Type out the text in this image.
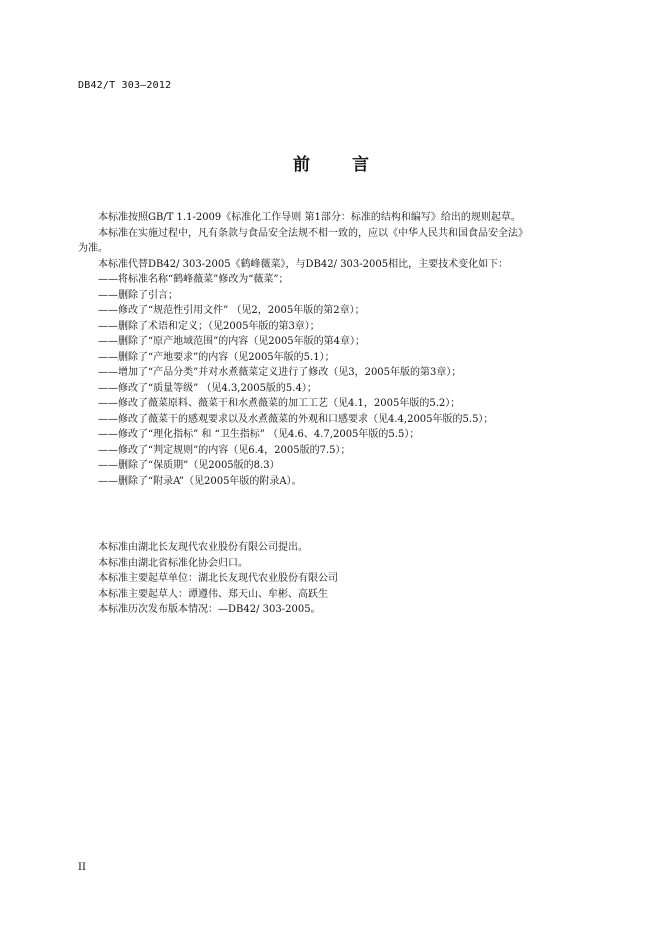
DB42/T 303—2012
前 言
本标准按照GB/T 1.1-2009《标准化工作导则 第1部分：标准的结构和编写》给出的规则起草。
本标准在实施过程中，凡有条款与食品安全法规不相一致的，应以《中华人民共和国食品安全法》
为准。
本标准代替DB42/ 303-2005《鹤峰薇菜》，与DB42/ 303-2005相比，主要技术变化如下：
——将标准名称“鹤峰薇菜”修改为“薇菜”；
——删除了引言；
——修改了“规范性引用文件” （见2，2005年版的第2章）；
——删除了术语和定义；（见2005年版的第3章）；
——删除了“原产地域范围”的内容（见2005年版的第4章）；
——删除了“产地要求”的内容（见2005年版的5.1）；
——增加了“产品分类”并对水煮薇菜定义进行了修改（见3，2005年版的第3章）；
——修改了“质量等级” （见4.3,2005版的5.4）；
——修改了薇菜原料、薇菜干和水煮薇菜的加工工艺（见4.1，2005年版的5.2）；
——修改了薇菜干的感观要求以及水煮薇菜的外观和口感要求（见4.4,2005年版的5.5）；
——修改了“理化指标” 和 “卫生指标” （见4.6、4.7,2005年版的5.5）；
——修改了“判定规则”的内容（见6.4，2005版的7.5）；
——删除了“保质期”（见2005版的8.3）
——删除了“附录A”（见2005年版的附录A）。
本标准由湖北长友现代农业股份有限公司提出。
本标准由湖北省标准化协会归口。
本标准主要起草单位：湖北长友现代农业股份有限公司
本标准主要起草人：谭遵伟、郑天山、牟彬、高跃生
本标准历次发布版本情况：—DB42/ 303-2005。
II
